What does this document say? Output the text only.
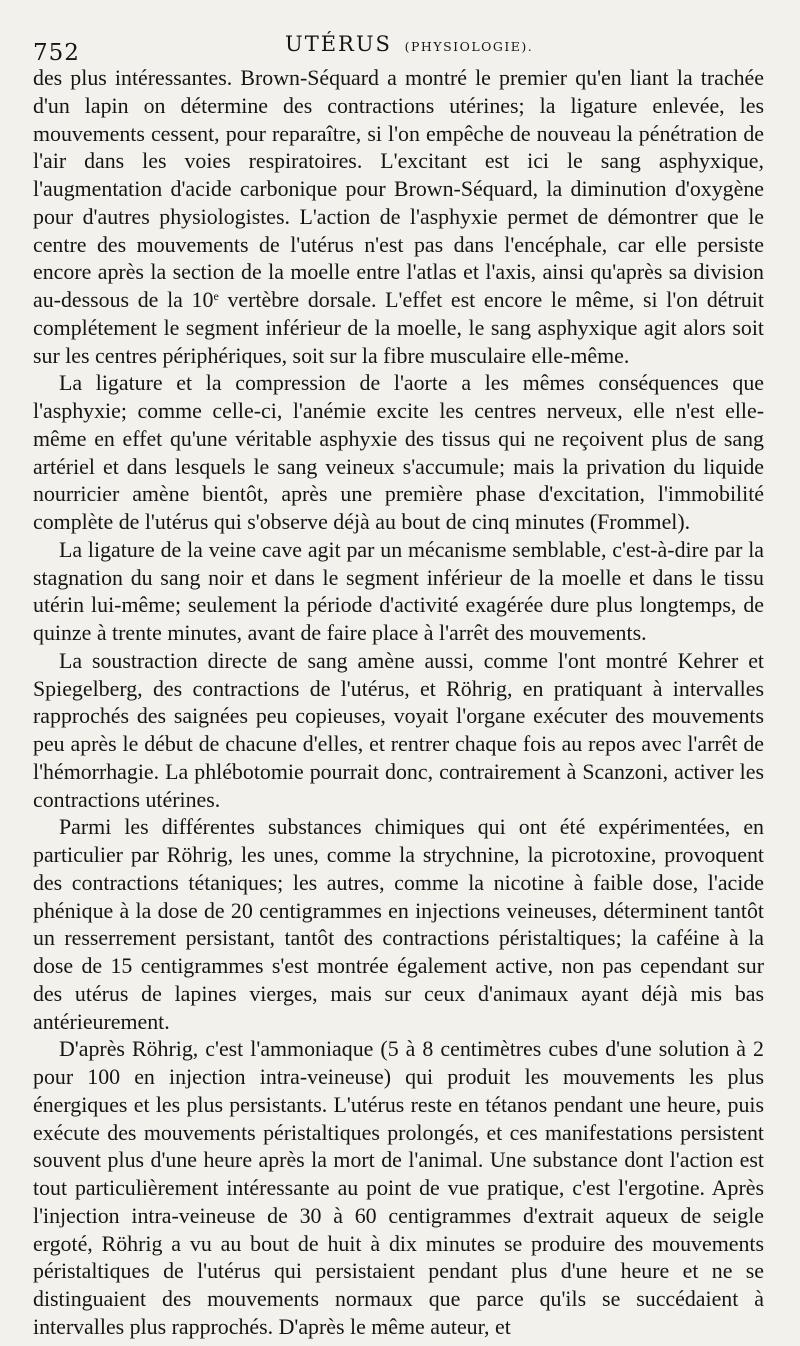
752	UTÉRUS (PHYSIOLOGIE).

des plus intéressantes. Brown-Séquard a montré le premier qu'en liant la trachée d'un lapin on détermine des contractions utérines; la ligature enlevée, les mouvements cessent, pour reparaître, si l'on empêche de nouveau la pénétration de l'air dans les voies respiratoires. L'excitant est ici le sang asphyxique, l'augmentation d'acide carbonique pour Brown-Séquard, la diminution d'oxygène pour d'autres physiologistes. L'action de l'asphyxie permet de démontrer que le centre des mouvements de l'utérus n'est pas dans l'encéphale, car elle persiste encore après la section de la moelle entre l'atlas et l'axis, ainsi qu'après sa division au-dessous de la 10e vertèbre dorsale. L'effet est encore le même, si l'on détruit complétement le segment inférieur de la moelle, le sang asphyxique agit alors soit sur les centres périphériques, soit sur la fibre musculaire elle-même.

La ligature et la compression de l'aorte a les mêmes conséquences que l'asphyxie; comme celle-ci, l'anémie excite les centres nerveux, elle n'est elle-même en effet qu'une véritable asphyxie des tissus qui ne reçoivent plus de sang artériel et dans lesquels le sang veineux s'accumule; mais la privation du liquide nourricier amène bientôt, après une première phase d'excitation, l'immobilité complète de l'utérus qui s'observe déjà au bout de cinq minutes (Frommel).

La ligature de la veine cave agit par un mécanisme semblable, c'est-à-dire par la stagnation du sang noir et dans le segment inférieur de la moelle et dans le tissu utérin lui-même; seulement la période d'activité exagérée dure plus longtemps, de quinze à trente minutes, avant de faire place à l'arrêt des mouvements.

La soustraction directe de sang amène aussi, comme l'ont montré Kehrer et Spiegelberg, des contractions de l'utérus, et Röhrig, en pratiquant à intervalles rapprochés des saignées peu copieuses, voyait l'organe exécuter des mouvements peu après le début de chacune d'elles, et rentrer chaque fois au repos avec l'arrêt de l'hémorrhagie. La phlébotomie pourrait donc, contrairement à Scanzoni, activer les contractions utérines.

Parmi les différentes substances chimiques qui ont été expérimentées, en particulier par Röhrig, les unes, comme la strychnine, la picrotoxine, provoquent des contractions tétaniques; les autres, comme la nicotine à faible dose, l'acide phénique à la dose de 20 centigrammes en injections veineuses, déterminent tantôt un resserrement persistant, tantôt des contractions péristaltiques; la caféine à la dose de 15 centigrammes s'est montrée également active, non pas cependant sur des utérus de lapines vierges, mais sur ceux d'animaux ayant déjà mis bas antérieurement.

D'après Röhrig, c'est l'ammoniaque (5 à 8 centimètres cubes d'une solution à 2 pour 100 en injection intra-veineuse) qui produit les mouvements les plus énergiques et les plus persistants. L'utérus reste en tétanos pendant une heure, puis exécute des mouvements péristaltiques prolongés, et ces manifestations persistent souvent plus d'une heure après la mort de l'animal. Une substance dont l'action est tout particulièrement intéressante au point de vue pratique, c'est l'ergotine. Après l'injection intra-veineuse de 30 à 60 centigrammes d'extrait aqueux de seigle ergoté, Röhrig a vu au bout de huit à dix minutes se produire des mouvements péristaltiques de l'utérus qui persistaient pendant plus d'une heure et ne se distinguaient des mouvements normaux que parce qu'ils se succédaient à intervalles plus rapprochés. D'après le même auteur, et
